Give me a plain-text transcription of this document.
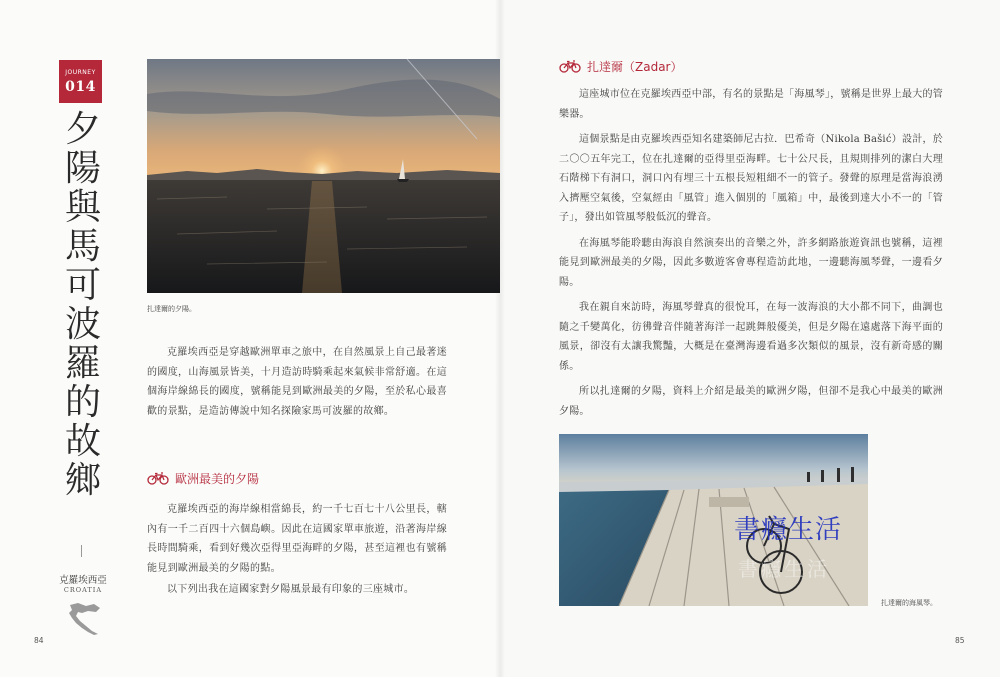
JOURNEY
014
夕
陽
與
馬
可
波
羅
的
故
鄉
克羅埃西亞
CROATIA
扎達爾的夕陽。
克羅埃西亞是穿越歐洲單車之旅中，在自然風景上自己最著迷的國度，山海風景皆美，十月造訪時騎乘起來氣候非常舒適。在這個海岸線綿長的國度，號稱能見到歐洲最美的夕陽，至於私心最喜歡的景點，是造訪傳說中知名探險家馬可波羅的故鄉。
歐洲最美的夕陽
克羅埃西亞的海岸線相當綿長，約一千七百七十八公里長，轄內有一千二百四十六個島嶼。因此在這國家單車旅遊，沿著海岸線長時間騎乘，看到好幾次亞得里亞海畔的夕陽，甚至這裡也有號稱能見到歐洲最美的夕陽的點。
以下列出我在這國家對夕陽風景最有印象的三座城市。
84
扎達爾（Zadar）

這座城市位在克羅埃西亞中部，有名的景點是「海風琴」，號稱是世界上最大的管樂器。

這個景點是由克羅埃西亞知名建築師尼古拉．巴希奇（Nikola Bašić）設計，於二〇〇五年完工，位在扎達爾的亞得里亞海畔。七十公尺長，且規則排列的潔白大理石階梯下有洞口，洞口內有埋三十五根長短粗細不一的管子。發聲的原理是當海浪湧入擠壓空氣後，空氣經由「風管」進入個別的「風箱」中，最後到達大小不一的「管子」，發出如管風琴般低沉的聲音。

在海風琴能聆聽由海浪自然演奏出的音樂之外，許多網路旅遊資訊也號稱，這裡能見到歐洲最美的夕陽，因此多數遊客會專程造訪此地，一邊聽海風琴聲，一邊看夕陽。

我在親自來訪時，海風琴聲真的很悅耳，在每一波海浪的大小都不同下，曲調也隨之千變萬化，彷彿聲音伴隨著海洋一起跳舞般優美，但是夕陽在遠處落下海平面的風景，卻沒有太讓我驚豔，大概是在臺灣海邊看過多次類似的風景，沒有新奇感的關係。

所以扎達爾的夕陽，資料上介紹是最美的歐洲夕陽，但卻不是我心中最美的歐洲夕陽。

書癮生活
書癮生活
扎達爾的海風琴。
85
